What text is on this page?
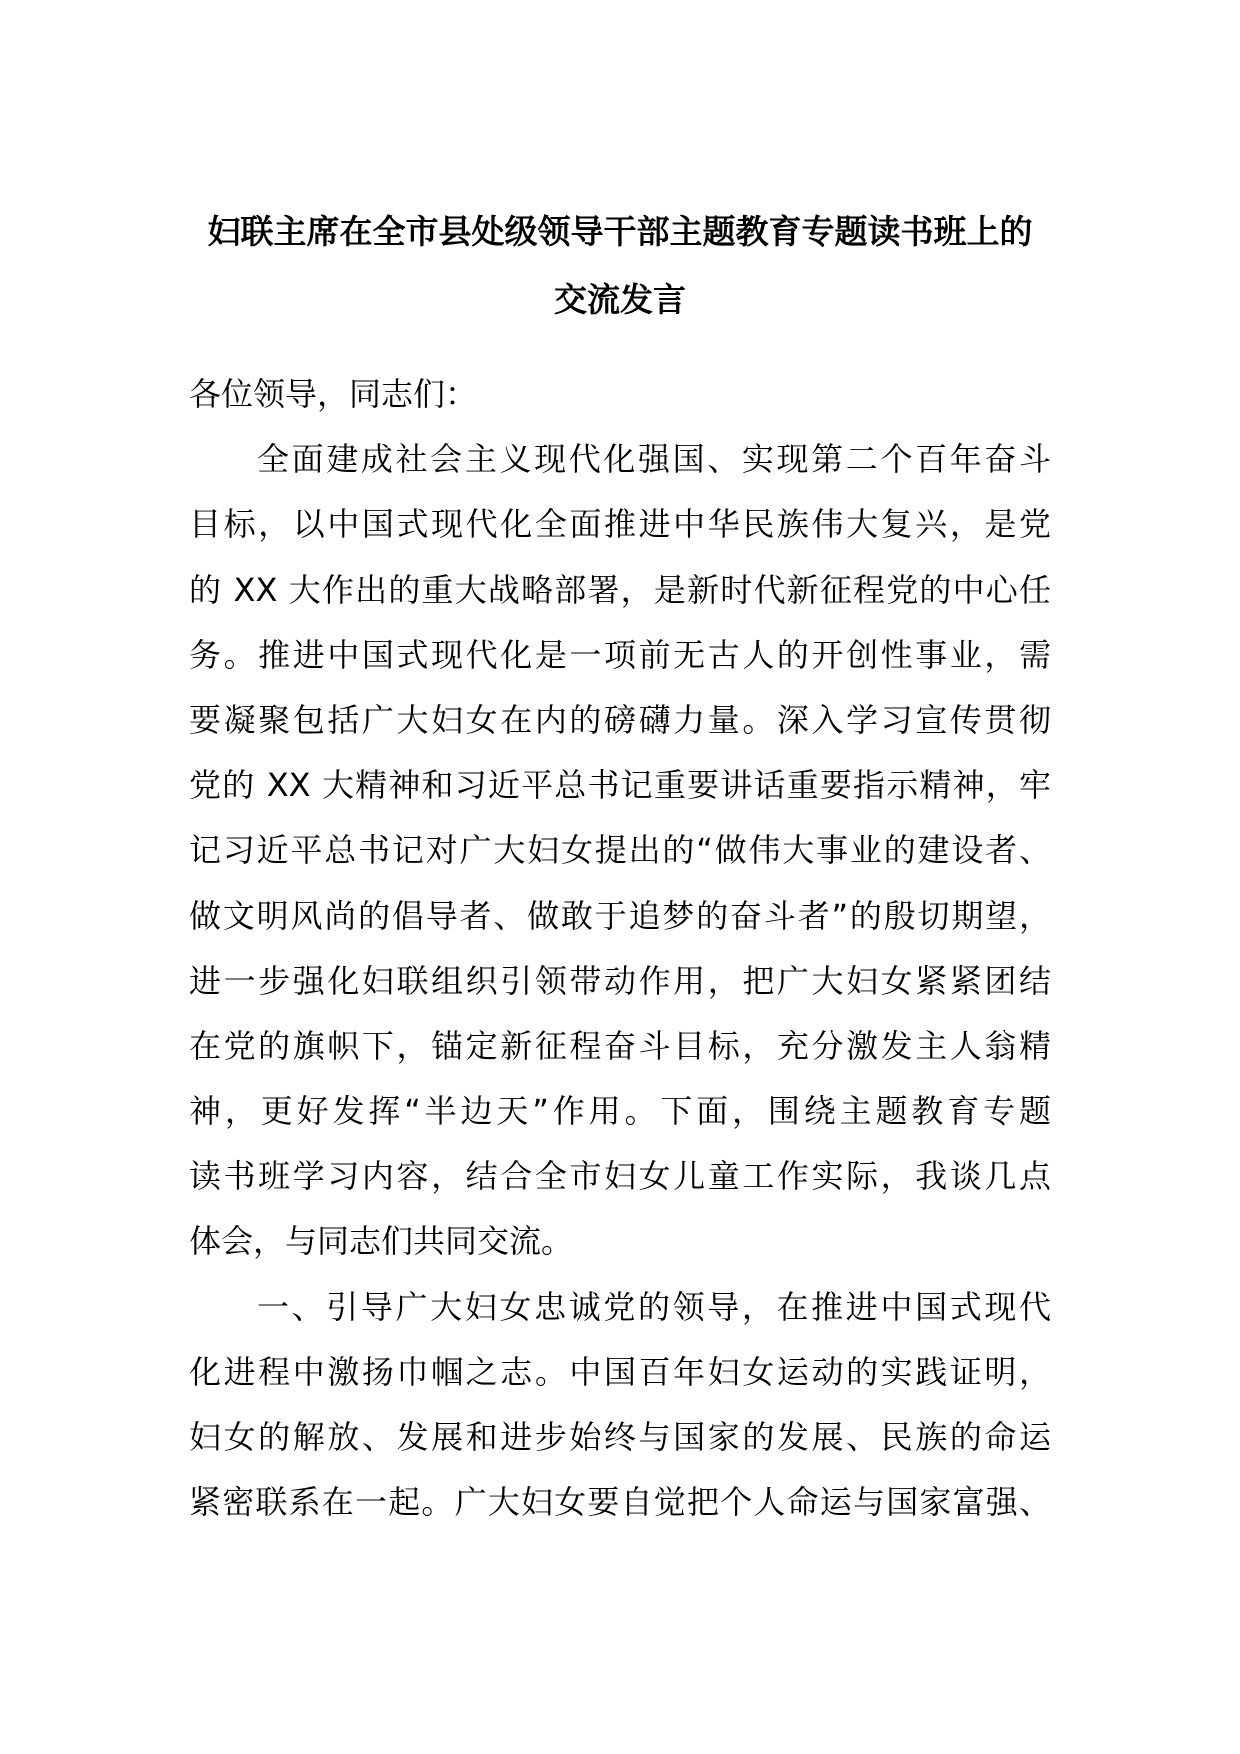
妇联主席在全市县处级领导干部主题教育专题读书班上的
交流发言
各位领导，同志们：
全面建成社会主义现代化强国、实现第二个百年奋斗
目标，以中国式现代化全面推进中华民族伟大复兴，是党
的 XX 大作出的重大战略部署，是新时代新征程党的中心任
务。推进中国式现代化是一项前无古人的开创性事业，需
要凝聚包括广大妇女在内的磅礴力量。深入学习宣传贯彻
党的 XX 大精神和习近平总书记重要讲话重要指示精神，牢
记习近平总书记对广大妇女提出的“做伟大事业的建设者、
做文明风尚的倡导者、做敢于追梦的奋斗者”的殷切期望，
进一步强化妇联组织引领带动作用，把广大妇女紧紧团结
在党的旗帜下，锚定新征程奋斗目标，充分激发主人翁精
神，更好发挥“半边天”作用。下面，围绕主题教育专题
读书班学习内容，结合全市妇女儿童工作实际，我谈几点
体会，与同志们共同交流。
一、引导广大妇女忠诚党的领导，在推进中国式现代
化进程中激扬巾帼之志。中国百年妇女运动的实践证明，
妇女的解放、发展和进步始终与国家的发展、民族的命运
紧密联系在一起。广大妇女要自觉把个人命运与国家富强、
